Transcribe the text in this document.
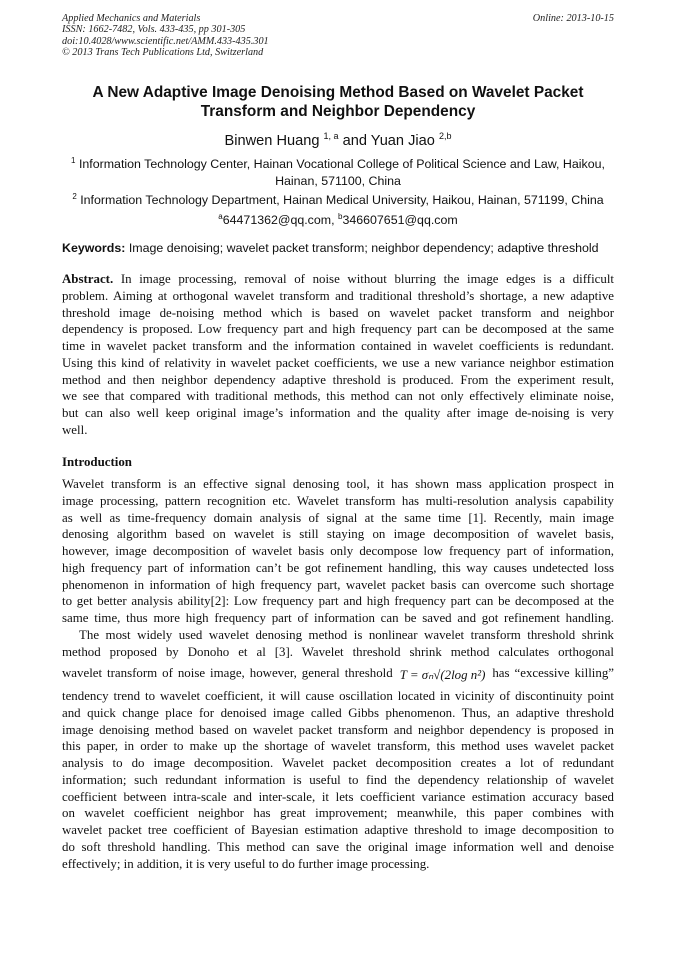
Applied Mechanics and Materials
ISSN: 1662-7482, Vols. 433-435, pp 301-305
doi:10.4028/www.scientific.net/AMM.433-435.301
© 2013 Trans Tech Publications Ltd, Switzerland
Online: 2013-10-15
A New Adaptive Image Denoising Method Based on Wavelet Packet
Transform and Neighbor Dependency
Binwen Huang $^{1, a}$ and Yuan Jiao $^{2,b}$
$^1$ Information Technology Center, Hainan Vocational College of Political Science and Law, Haikou,
Hainan, 571100, China
$^2$ Information Technology Department, Hainan Medical University, Haikou, Hainan, 571199, China
$^a$64471362@qq.com, $^b$346607651@qq.com
Keywords: Image denoising; wavelet packet transform; neighbor dependency; adaptive threshold
Abstract. In image processing, removal of noise without blurring the image edges is a difficult
problem. Aiming at orthogonal wavelet transform and traditional threshold’s shortage, a new adaptive
threshold image de-noising method which is based on wavelet packet transform and neighbor
dependency is proposed. Low frequency part and high frequency part can be decomposed at the same
time in wavelet packet transform and the information contained in wavelet coefficients is redundant.
Using this kind of relativity in wavelet packet coefficients, we use a new variance neighbor estimation
method and then neighbor dependency adaptive threshold is produced. From the experiment result,
we see that compared with traditional methods, this method can not only effectively eliminate noise,
but can also well keep original image’s information and the quality after image de-noising is very
well.
Introduction
Wavelet transform is an effective signal denosing tool, it has shown mass application prospect in
image processing, pattern recognition etc. Wavelet transform has multi-resolution analysis capability
as well as time-frequency domain analysis of signal at the same time [1]. Recently, main image
denosing algorithm based on wavelet is still staying on image decomposition of wavelet basis,
however, image decomposition of wavelet basis only decompose low frequency part of information,
high frequency part of information can’t be got refinement handling, this way causes undetected loss
phenomenon in information of high frequency part, wavelet packet basis can overcome such shortage
to get better analysis ability[2]: Low frequency part and high frequency part can be decomposed at the
same time, thus more high frequency part of information can be saved and got refinement handling.
The most widely used wavelet denosing method is nonlinear wavelet transform threshold shrink
method proposed by Donoho et al [3]. Wavelet threshold shrink method calculates orthogonal
wavelet transform of noise image, however, general threshold T = σₙ√(2log n²) has “excessive killing”
tendency trend to wavelet coefficient, it will cause oscillation located in vicinity of discontinuity point
and quick change place for denoised image called Gibbs phenomenon. Thus, an adaptive threshold
image denoising method based on wavelet packet transform and neighbor dependency is proposed in
this paper, in order to make up the shortage of wavelet transform, this method uses wavelet packet
analysis to do image decomposition. Wavelet packet decomposition creates a lot of redundant
information; such redundant information is useful to find the dependency relationship of wavelet
coefficient between intra-scale and inter-scale, it lets coefficient variance estimation accuracy based
on wavelet coefficient neighbor has great improvement; meanwhile, this paper combines with
wavelet packet tree coefficient of Bayesian estimation adaptive threshold to image decomposition to
do soft threshold handling. This method can save the original image information well and denoise
effectively; in addition, it is very useful to do further image processing.
